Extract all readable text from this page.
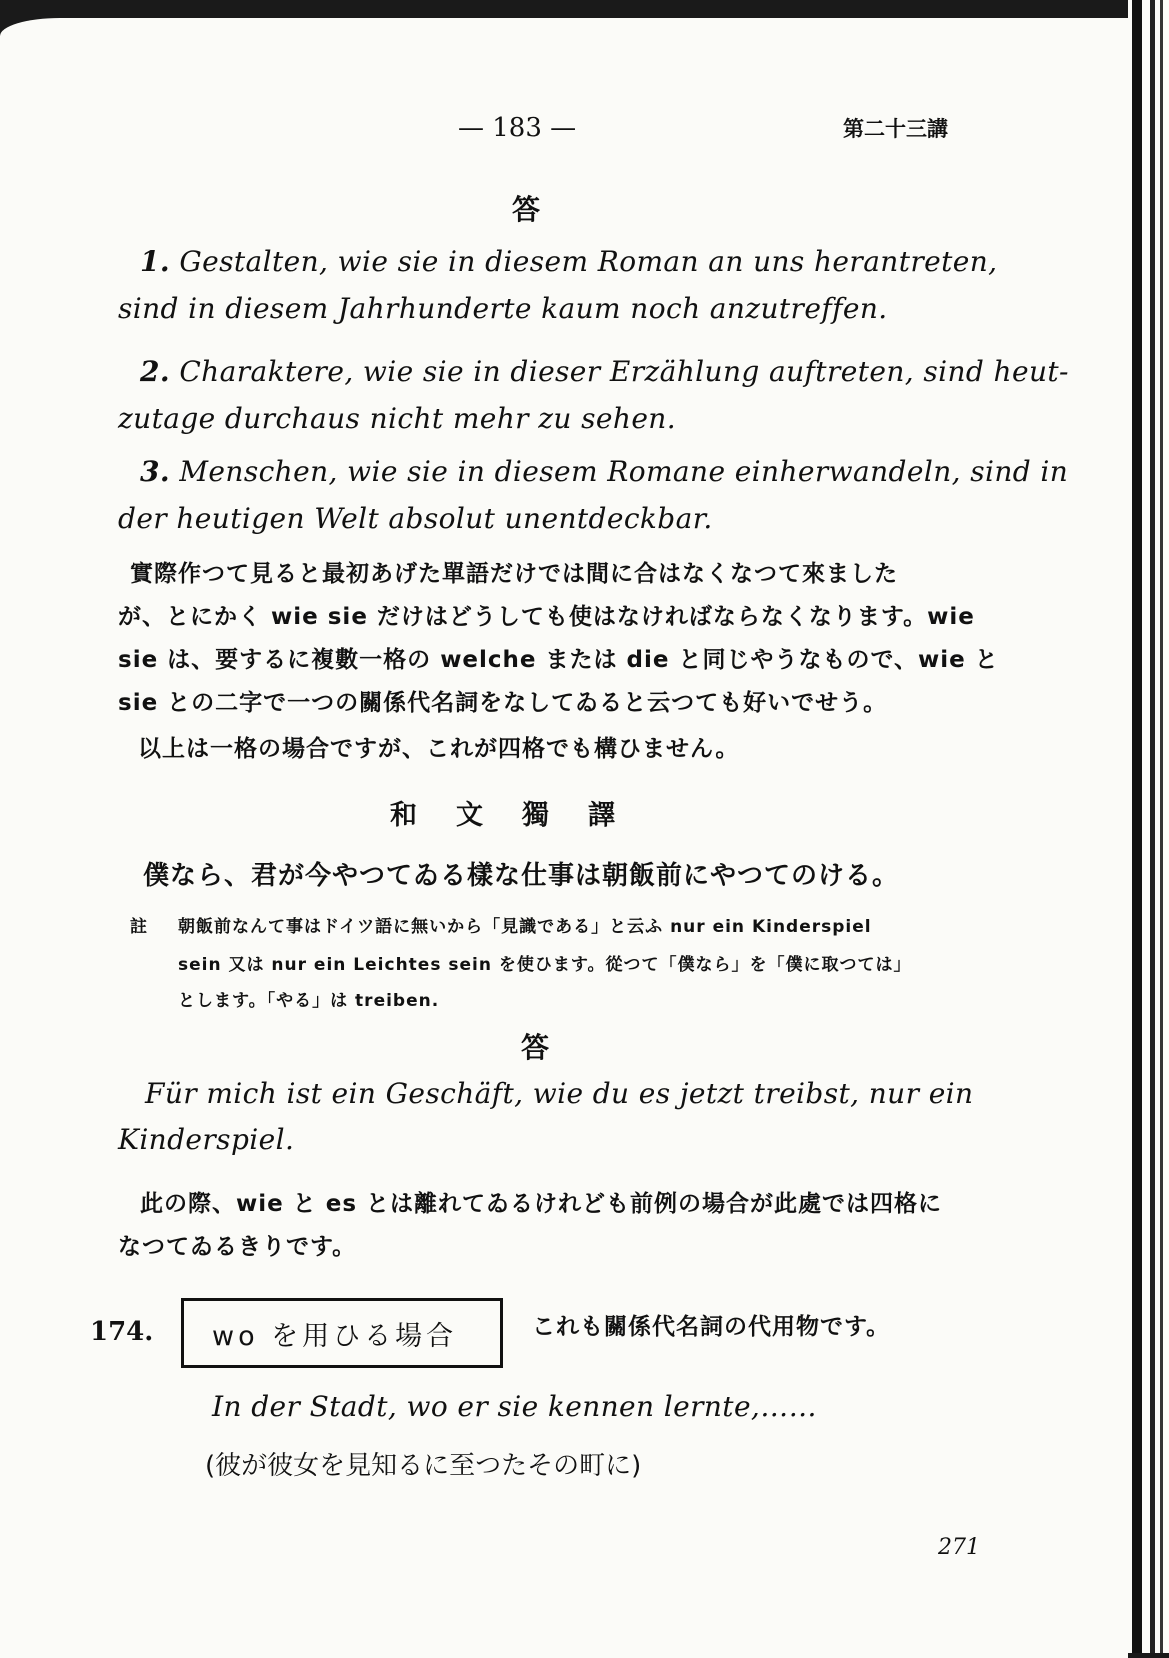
— 183 —	第二十三講
答
1. Gestalten, wie sie in diesem Roman an uns herantreten,
sind in diesem Jahrhunderte kaum noch anzutreffen.
2. Charaktere, wie sie in dieser Erzählung auftreten, sind heut-
zutage durchaus nicht mehr zu sehen.
3. Menschen, wie sie in diesem Romane einherwandeln, sind in
der heutigen Welt absolut unentdeckbar.
實際作つて見ると最初あげた單語だけでは間に合はなくなつて來ました
が、とにかく wie sie だけはどうしても使はなければならなくなります。wie
sie は、要するに複數一格の welche または die と同じやうなもので、wie と
sie との二字で一つの關係代名詞をなしてゐると云つても好いでせう。
以上は一格の場合ですが、これが四格でも構ひません。
和　文　獨　譯
僕なら、君が今やつてゐる樣な仕事は朝飯前にやつてのける。
註 朝飯前なんて事はドイツ語に無いから「見識である」と云ふ nur ein Kinderspiel
sein 又は nur ein Leichtes sein を使ひます。從つて「僕なら」を「僕に取つては」
とします。「やる」は treiben.
答
Für mich ist ein Geschäft, wie du es jetzt treibst, nur ein
Kinderspiel.
此の際、wie と es とは離れてゐるけれども前例の場合が此處では四格に
なつてゐるきりです。
174. wo を用ひる場合	これも關係代名詞の代用物です。
In der Stadt, wo er sie kennen lernte,……
(彼が彼女を見知るに至つたその町に)
271
